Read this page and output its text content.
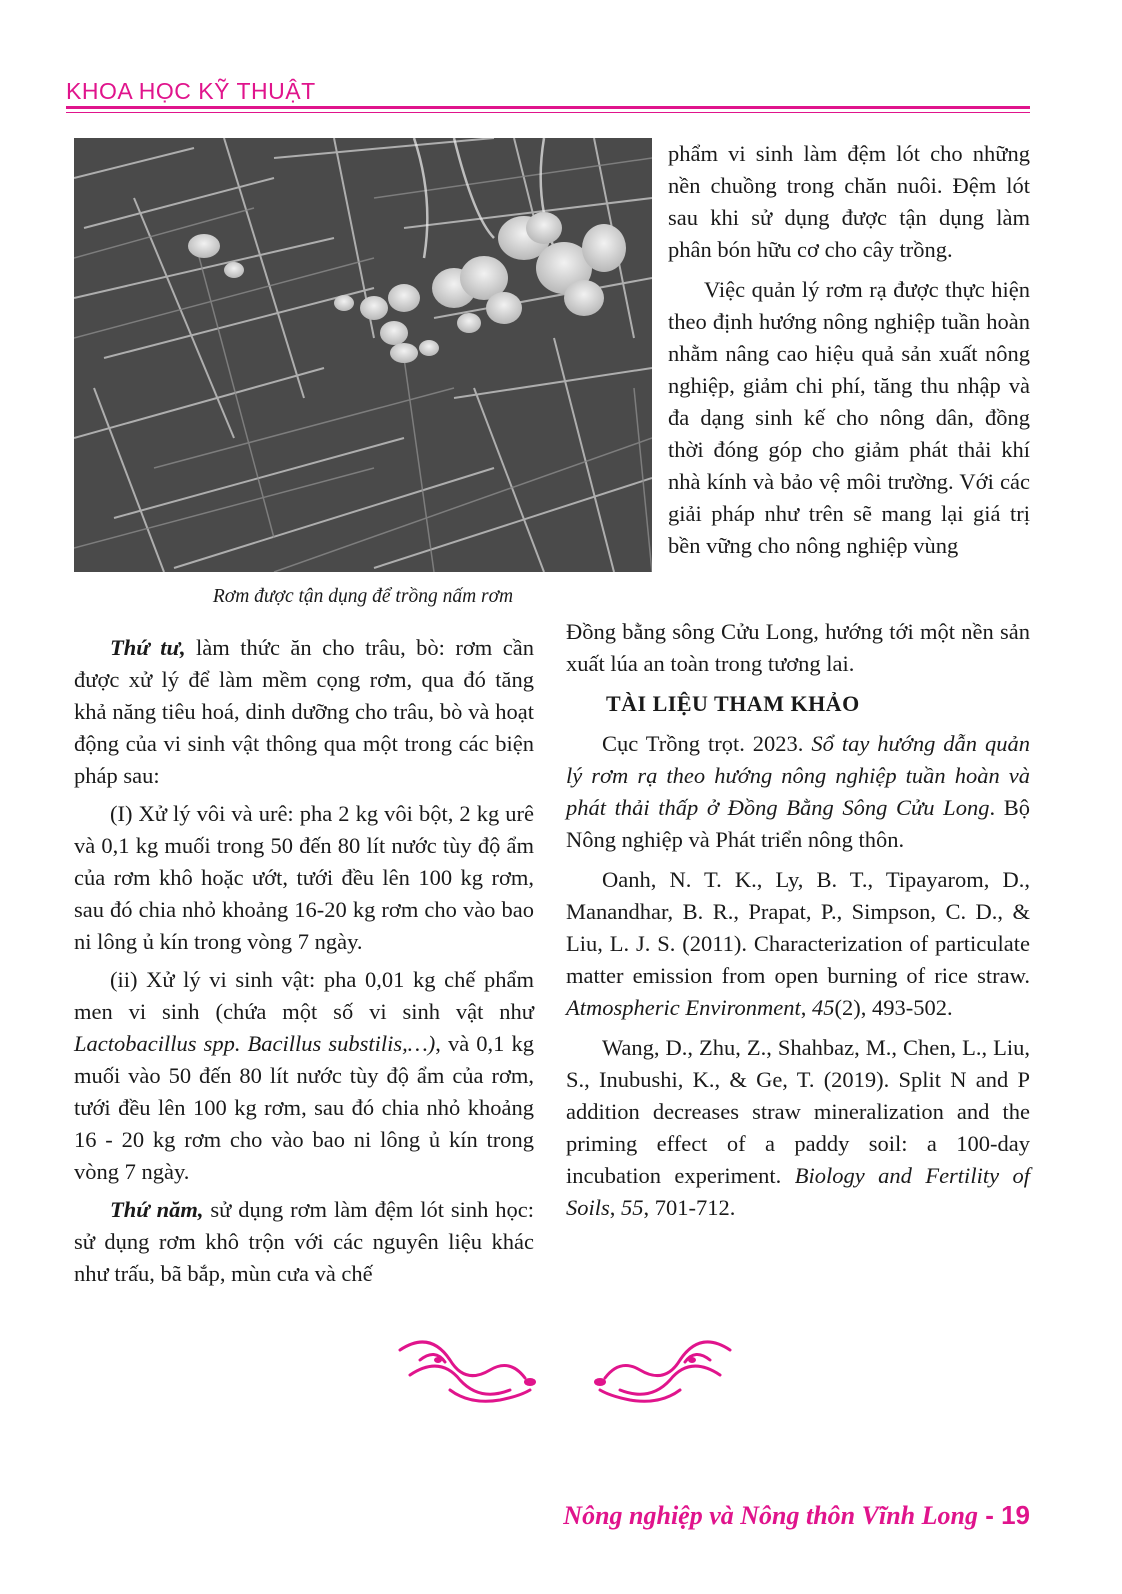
KHOA HỌC KỸ THUẬT
Rơm được tận dụng để trồng nấm rơm

phẩm vi sinh làm đệm lót cho những nền chuồng trong chăn nuôi. Đệm lót sau khi sử dụng được tận dụng làm phân bón hữu cơ cho cây trồng.

Việc quản lý rơm rạ được thực hiện theo định hướng nông nghiệp tuần hoàn nhằm nâng cao hiệu quả sản xuất nông nghiệp, giảm chi phí, tăng thu nhập và đa dạng sinh kế cho nông dân, đồng thời đóng góp cho giảm phát thải khí nhà kính và bảo vệ môi trường. Với các giải pháp như trên sẽ mang lại giá trị bền vững cho nông nghiệp vùng

Đồng bằng sông Cửu Long, hướng tới một nền sản xuất lúa an toàn trong tương lai.

TÀI LIỆU THAM KHẢO

Cục Trồng trọt. 2023. Sổ tay hướng dẫn quản lý rơm rạ theo hướng nông nghiệp tuần hoàn và phát thải thấp ở Đồng Bằng Sông Cửu Long. Bộ Nông nghiệp và Phát triển nông thôn.

Oanh, N. T. K., Ly, B. T., Tipayarom, D., Manandhar, B. R., Prapat, P., Simpson, C. D., & Liu, L. J. S. (2011). Characterization of particulate matter emission from open burning of rice straw. Atmospheric Environment, 45(2), 493-502.

Wang, D., Zhu, Z., Shahbaz, M., Chen, L., Liu, S., Inubushi, K., & Ge, T. (2019). Split N and P addition decreases straw mineralization and the priming effect of a paddy soil: a 100-day incubation experiment. Biology and Fertility of Soils, 55, 701-712.

Thứ tư, làm thức ăn cho trâu, bò: rơm cần được xử lý để làm mềm cọng rơm, qua đó tăng khả năng tiêu hoá, dinh dưỡng cho trâu, bò và hoạt động của vi sinh vật thông qua một trong các biện pháp sau:

(I) Xử lý vôi và urê: pha 2 kg vôi bột, 2 kg urê và 0,1 kg muối trong 50 đến 80 lít nước tùy độ ẩm của rơm khô hoặc ướt, tưới đều lên 100 kg rơm, sau đó chia nhỏ khoảng 16-20 kg rơm cho vào bao ni lông ủ kín trong vòng 7 ngày.

(ii) Xử lý vi sinh vật: pha 0,01 kg chế phẩm men vi sinh (chứa một số vi sinh vật như Lactobacillus spp. Bacillus substilis,…), và 0,1 kg muối vào 50 đến 80 lít nước tùy độ ẩm của rơm, tưới đều lên 100 kg rơm, sau đó chia nhỏ khoảng 16 - 20 kg rơm cho vào bao ni lông ủ kín trong vòng 7 ngày.

Thứ năm, sử dụng rơm làm đệm lót sinh học: sử dụng rơm khô trộn với các nguyên liệu khác như trấu, bã bắp, mùn cưa và chế

Nông nghiệp và Nông thôn Vĩnh Long - 19
